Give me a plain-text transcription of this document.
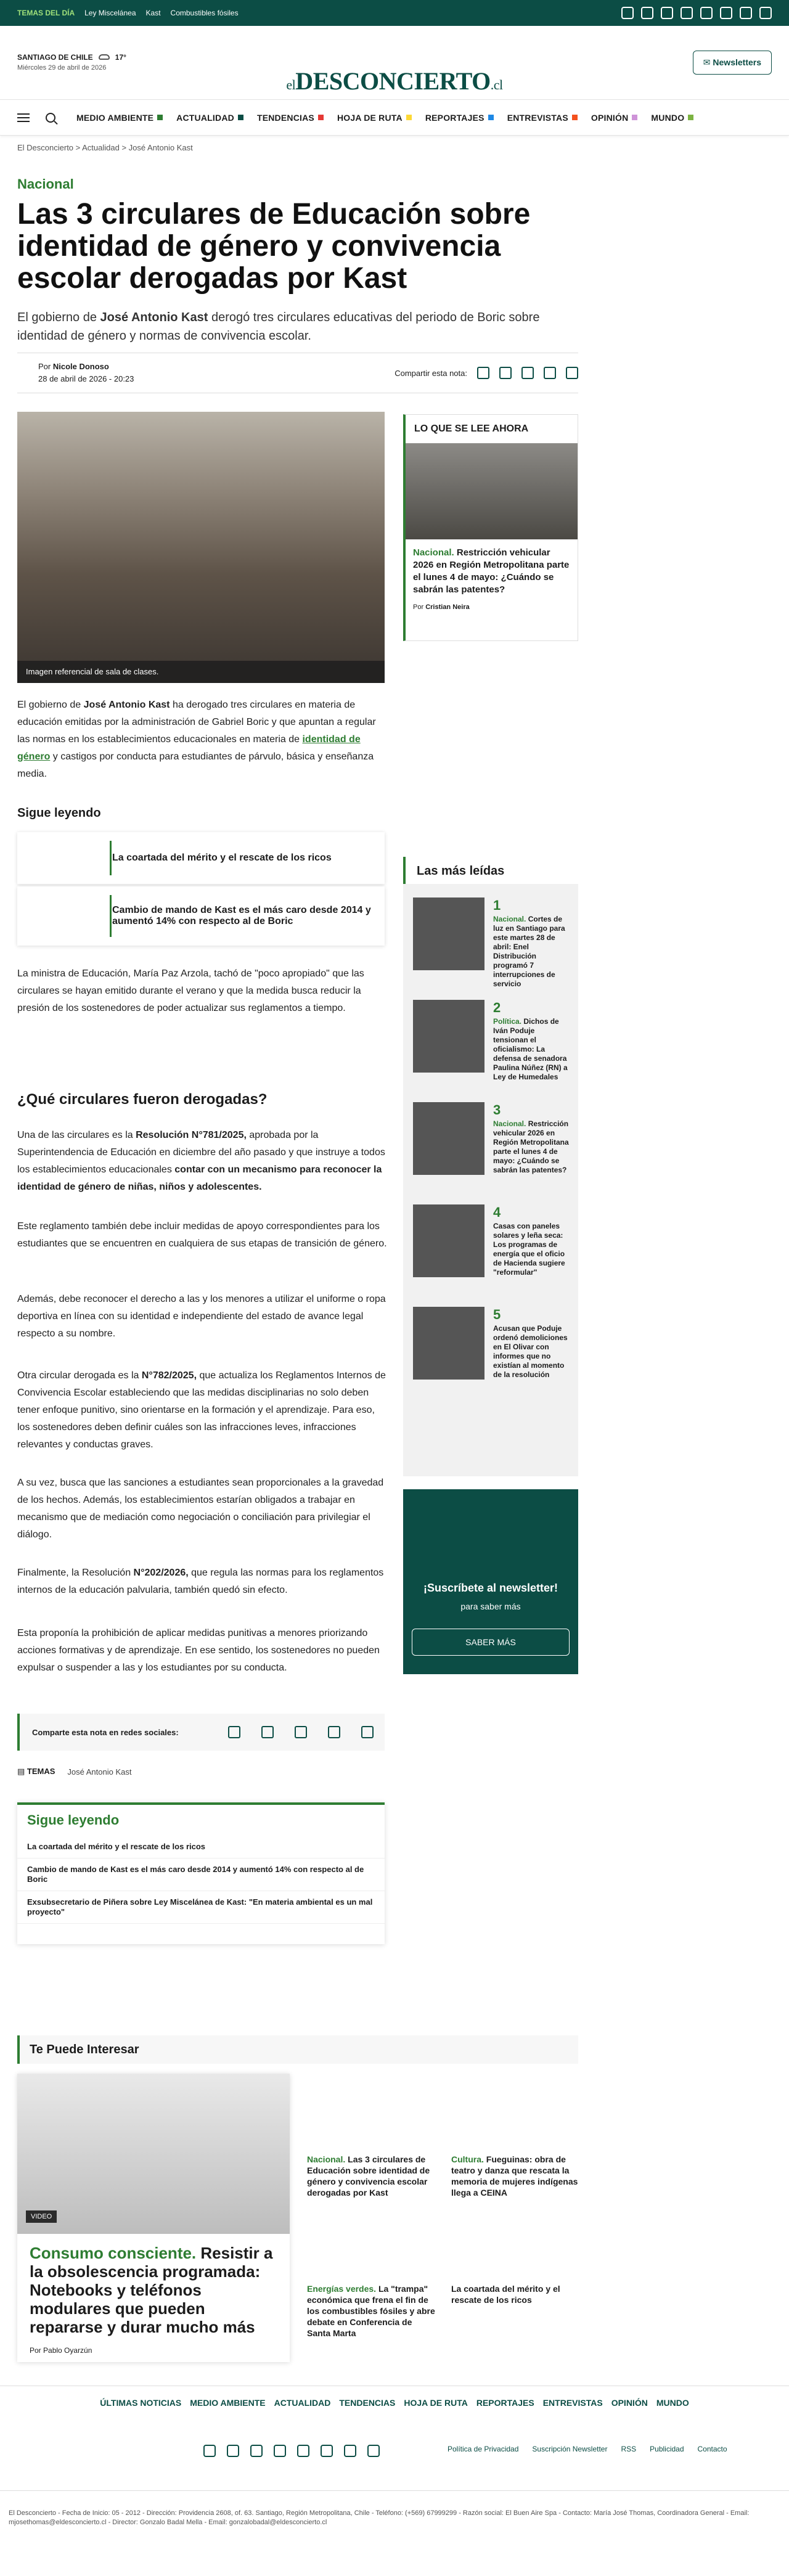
TEMAS DEL DÍA Ley Miscelánea Kast Combustibles fósiles
SANTIAGO DE CHILE	17°
Miércoles 29 de abril de 2026
elDESCONCIERTO.cl
✉ Newsletters
MEDIO AMBIENTE	ACTUALIDAD	TENDENCIAS	HOJA DE RUTA	REPORTAJES	ENTREVISTAS	OPINIÓN	MUNDO
El Desconcierto > Actualidad > José Antonio Kast
Nacional
Las 3 circulares de Educación sobre identidad de género y convivencia escolar derogadas por Kast

El gobierno de José Antonio Kast derogó tres circulares educativas del periodo de Boric sobre identidad de género y normas de convivencia escolar.

Por Nicole Donoso
28 de abril de 2026 - 20:23
Compartir esta nota:
Imagen referencial de sala de clases.

El gobierno de José Antonio Kast ha derogado tres circulares en materia de educación emitidas por la administración de Gabriel Boric y que apuntan a regular las normas en los establecimientos educacionales en materia de identidad de género y castigos por conducta para estudiantes de párvulo, básica y enseñanza media.

Sigue leyendo
La coartada del mérito y el rescate de los ricos
Cambio de mando de Kast es el más caro desde 2014 y aumentó 14% con respecto al de Boric

La ministra de Educación, María Paz Arzola, tachó de "poco apropiado" que las circulares se hayan emitido durante el verano y que la medida busca reducir la presión de los sostenedores de poder actualizar sus reglamentos a tiempo.

¿Qué circulares fueron derogadas?

Una de las circulares es la Resolución N°781/2025, aprobada por la Superintendencia de Educación en diciembre del año pasado y que instruye a todos los establecimientos educacionales contar con un mecanismo para reconocer la identidad de género de niñas, niños y adolescentes.

Este reglamento también debe incluir medidas de apoyo correspondientes para los estudiantes que se encuentren en cualquiera de sus etapas de transición de género.

Además, debe reconocer el derecho a las y los menores a utilizar el uniforme o ropa deportiva en línea con su identidad e independiente del estado de avance legal respecto a su nombre.

Otra circular derogada es la N°782/2025, que actualiza los Reglamentos Internos de Convivencia Escolar estableciendo que las medidas disciplinarias no solo deben tener enfoque punitivo, sino orientarse en la formación y el aprendizaje. Para eso, los sostenedores deben definir cuáles son las infracciones leves, infracciones relevantes y conductas graves.

A su vez, busca que las sanciones a estudiantes sean proporcionales a la gravedad de los hechos. Además, los establecimientos estarían obligados a trabajar en mecanismo que de mediación como negociación o conciliación para privilegiar el diálogo.

Finalmente, la Resolución N°202/2026, que regula las normas para los reglamentos internos de la educación palvularia, también quedó sin efecto.

Esta proponía la prohibición de aplicar medidas punitivas a menores priorizando acciones formativas y de aprendizaje. En ese sentido, los sostenedores no pueden expulsar o suspender a las y los estudiantes por su conducta.

Comparte esta nota en redes sociales:
▤ TEMAS José Antonio Kast
Sigue leyendo
La coartada del mérito y el rescate de los ricos
Cambio de mando de Kast es el más caro desde 2014 y aumentó 14% con respecto al de Boric
Exsubsecretario de Piñera sobre Ley Miscelánea de Kast: "En materia ambiental es un mal proyecto"
LO QUE SE LEE AHORA
Nacional. Restricción vehicular 2026 en Región Metropolitana parte el lunes 4 de mayo: ¿Cuándo se sabrán las patentes?
Por Cristian Neira
Las más leídas
1
Nacional. Cortes de luz en Santiago para este martes 28 de abril: Enel Distribución programó 7 interrupciones de servicio
2
Política. Dichos de Iván Poduje tensionan el oficialismo: La defensa de senadora Paulina Núñez (RN) a Ley de Humedales
3
Nacional. Restricción vehicular 2026 en Región Metropolitana parte el lunes 4 de mayo: ¿Cuándo se sabrán las patentes?
4
Casas con paneles solares y leña seca: Los programas de energía que el oficio de Hacienda sugiere "reformular"
5
Acusan que Poduje ordenó demoliciones en El Olivar con informes que no existían al momento de la resolución
¡Suscríbete al newsletter!
para saber más
SABER MÁS
Te Puede Interesar
VIDEO
Consumo consciente. Resistir a la obsolescencia programada: Notebooks y teléfonos modulares que pueden repararse y durar mucho más
Por Pablo Oyarzún
Nacional. Las 3 circulares de Educación sobre identidad de género y convivencia escolar derogadas por Kast
Cultura. Fueguinas: obra de teatro y danza que rescata la memoria de mujeres indígenas llega a CEINA
Energías verdes. La "trampa" económica que frena el fin de los combustibles fósiles y abre debate en Conferencia de Santa Marta
La coartada del mérito y el rescate de los ricos
ÚLTIMAS NOTICIAS MEDIO AMBIENTE ACTUALIDAD TENDENCIAS HOJA DE RUTA REPORTAJES ENTREVISTAS OPINIÓN MUNDO
Política de Privacidad Suscripción Newsletter RSS Publicidad Contacto
El Desconcierto - Fecha de Inicio: 05 - 2012 - Dirección: Providencia 2608, of. 63. Santiago, Región Metropolitana, Chile - Teléfono: (+569) 67999299 - Razón social: El Buen Aire Spa - Contacto: María José Thomas, Coordinadora General - Email: mjosethomas@eldesconcierto.cl - Director: Gonzalo Badal Mella - Email: gonzalobadal@eldesconcierto.cl
